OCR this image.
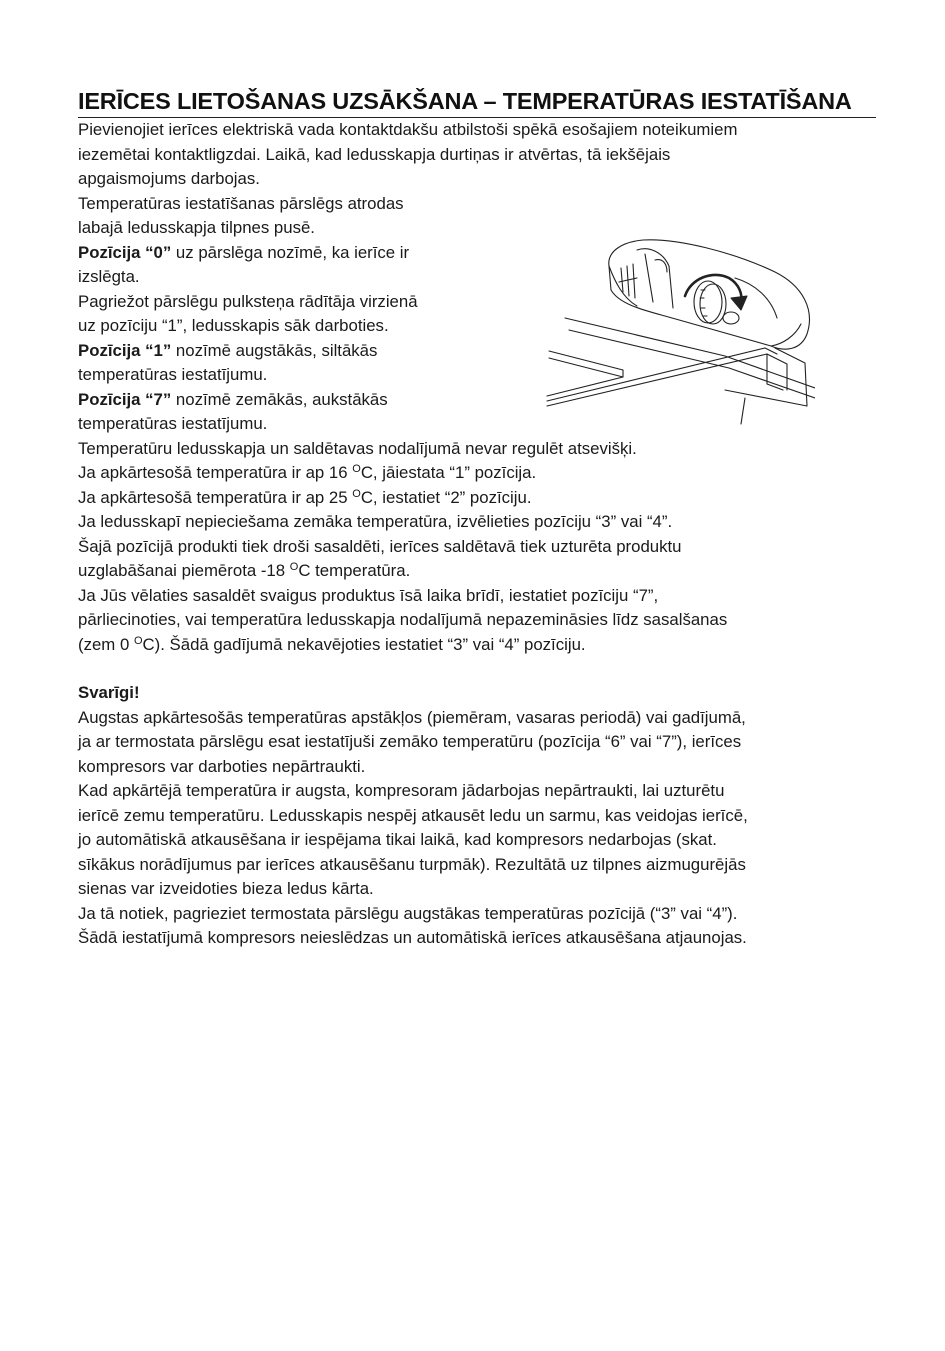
IERĪCES LIETOŠANAS UZSĀKŠANA – TEMPERATŪRAS IESTATĪŠANA

Pievienojiet ierīces elektriskā vada kontaktdakšu atbilstoši spēkā esošajiem noteikumiem

iezemētai kontaktligzdai. Laikā, kad ledusskapja durtiņas ir atvērtas, tā iekšējais

apgaismojums darbojas.

Temperatūras iestatīšanas pārslēgs atrodas

labajā ledusskapja tilpnes pusē.

Pozīcija “0” uz pārslēga nozīmē, ka ierīce ir

izslēgta.

Pagriežot pārslēgu pulksteņa rādītāja virzienā

uz pozīciju “1”, ledusskapis sāk darboties.

Pozīcija “1” nozīmē augstākās, siltākās

temperatūras iestatījumu.

Pozīcija “7” nozīmē zemākās, aukstākās

temperatūras iestatījumu.

Temperatūru ledusskapja un saldētavas nodalījumā nevar regulēt atsevišķi.

Ja apkārtesošā temperatūra ir ap 16 $^O$C, jāiestata “1” pozīcija.

Ja apkārtesošā temperatūra ir ap 25 $^O$C, iestatiet “2” pozīciju.

Ja ledusskapī nepieciešama zemāka temperatūra, izvēlieties pozīciju “3” vai “4”.

Šajā pozīcijā produkti tiek droši sasaldēti, ierīces saldētavā tiek uzturēta produktu

uzglabāšanai piemērota -18 $^O$C temperatūra.

Ja Jūs vēlaties sasaldēt svaigus produktus īsā laika brīdī, iestatiet pozīciju “7”,

pārliecinoties, vai temperatūra ledusskapja nodalījumā nepazemināsies līdz sasalšanas

(zem 0 $^O$C). Šādā gadījumā nekavējoties iestatiet “3” vai “4” pozīciju.

Svarīgi!

Augstas apkārtesošās temperatūras apstākļos (piemēram, vasaras periodā) vai gadījumā,

ja ar termostata pārslēgu esat iestatījuši zemāko temperatūru (pozīcija “6” vai “7”), ierīces

kompresors var darboties nepārtraukti.

Kad apkārtējā temperatūra ir augsta, kompresoram jādarbojas nepārtraukti, lai uzturētu

ierīcē zemu temperatūru. Ledusskapis nespēj atkausēt ledu un sarmu, kas veidojas ierīcē,

jo automātiskā atkausēšana ir iespējama tikai laikā, kad kompresors nedarbojas (skat.

sīkākus norādījumus par ierīces atkausēšanu turpmāk). Rezultātā uz tilpnes aizmugurējās

sienas var izveidoties bieza ledus kārta.

Ja tā notiek, pagrieziet termostata pārslēgu augstākas temperatūras pozīcijā (“3” vai “4”).

Šādā iestatījumā kompresors neieslēdzas un automātiskā ierīces atkausēšana atjaunojas.
